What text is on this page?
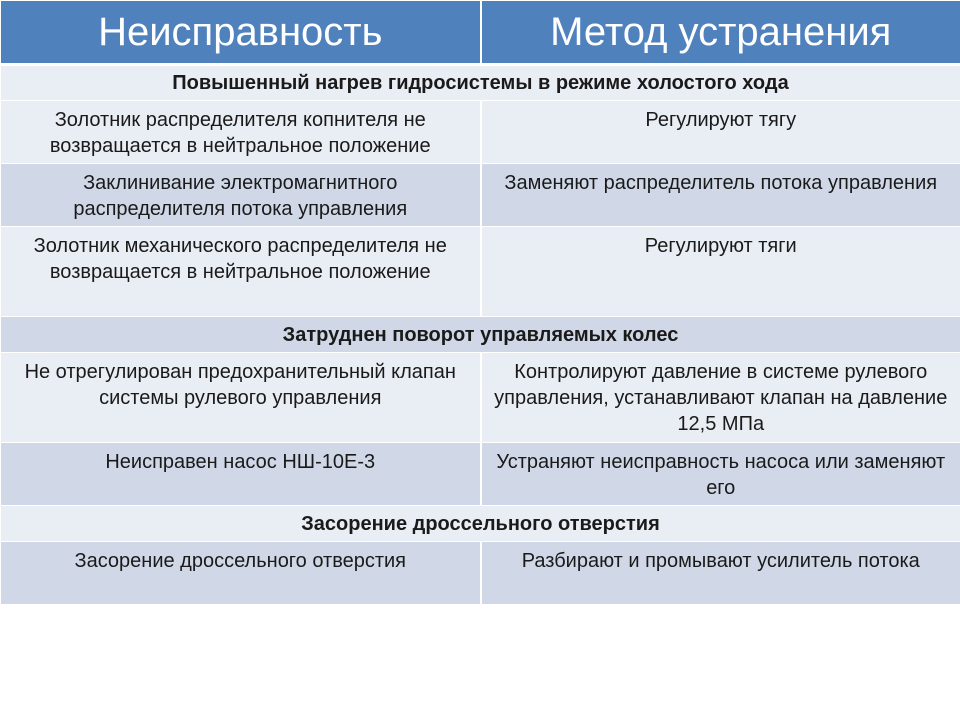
Неисправность	Метод устранения
Повышенный нагрев гидросистемы в режиме холостого хода	
Золотник распределителя копнителя не возвращается в нейтральное положение	Регулируют тягу
Заклинивание электромагнитного распределителя потока управления	Заменяют распределитель потока управления
Золотник механического распределителя не возвращается в нейтральное положение	Регулируют тяги
Затруднен поворот управляемых колес	
Не отрегулирован предохранительный клапан системы рулевого управления	Контролируют давление в системе рулевого управления, устанавливают клапан на давление 12,5 МПа
Неисправен насос НШ-10Е-3	Устраняют неисправность насоса или заменяют его
Засорение дроссельного отверстия	
Засорение дроссельного отверстия	Разбирают и промывают усилитель потока
